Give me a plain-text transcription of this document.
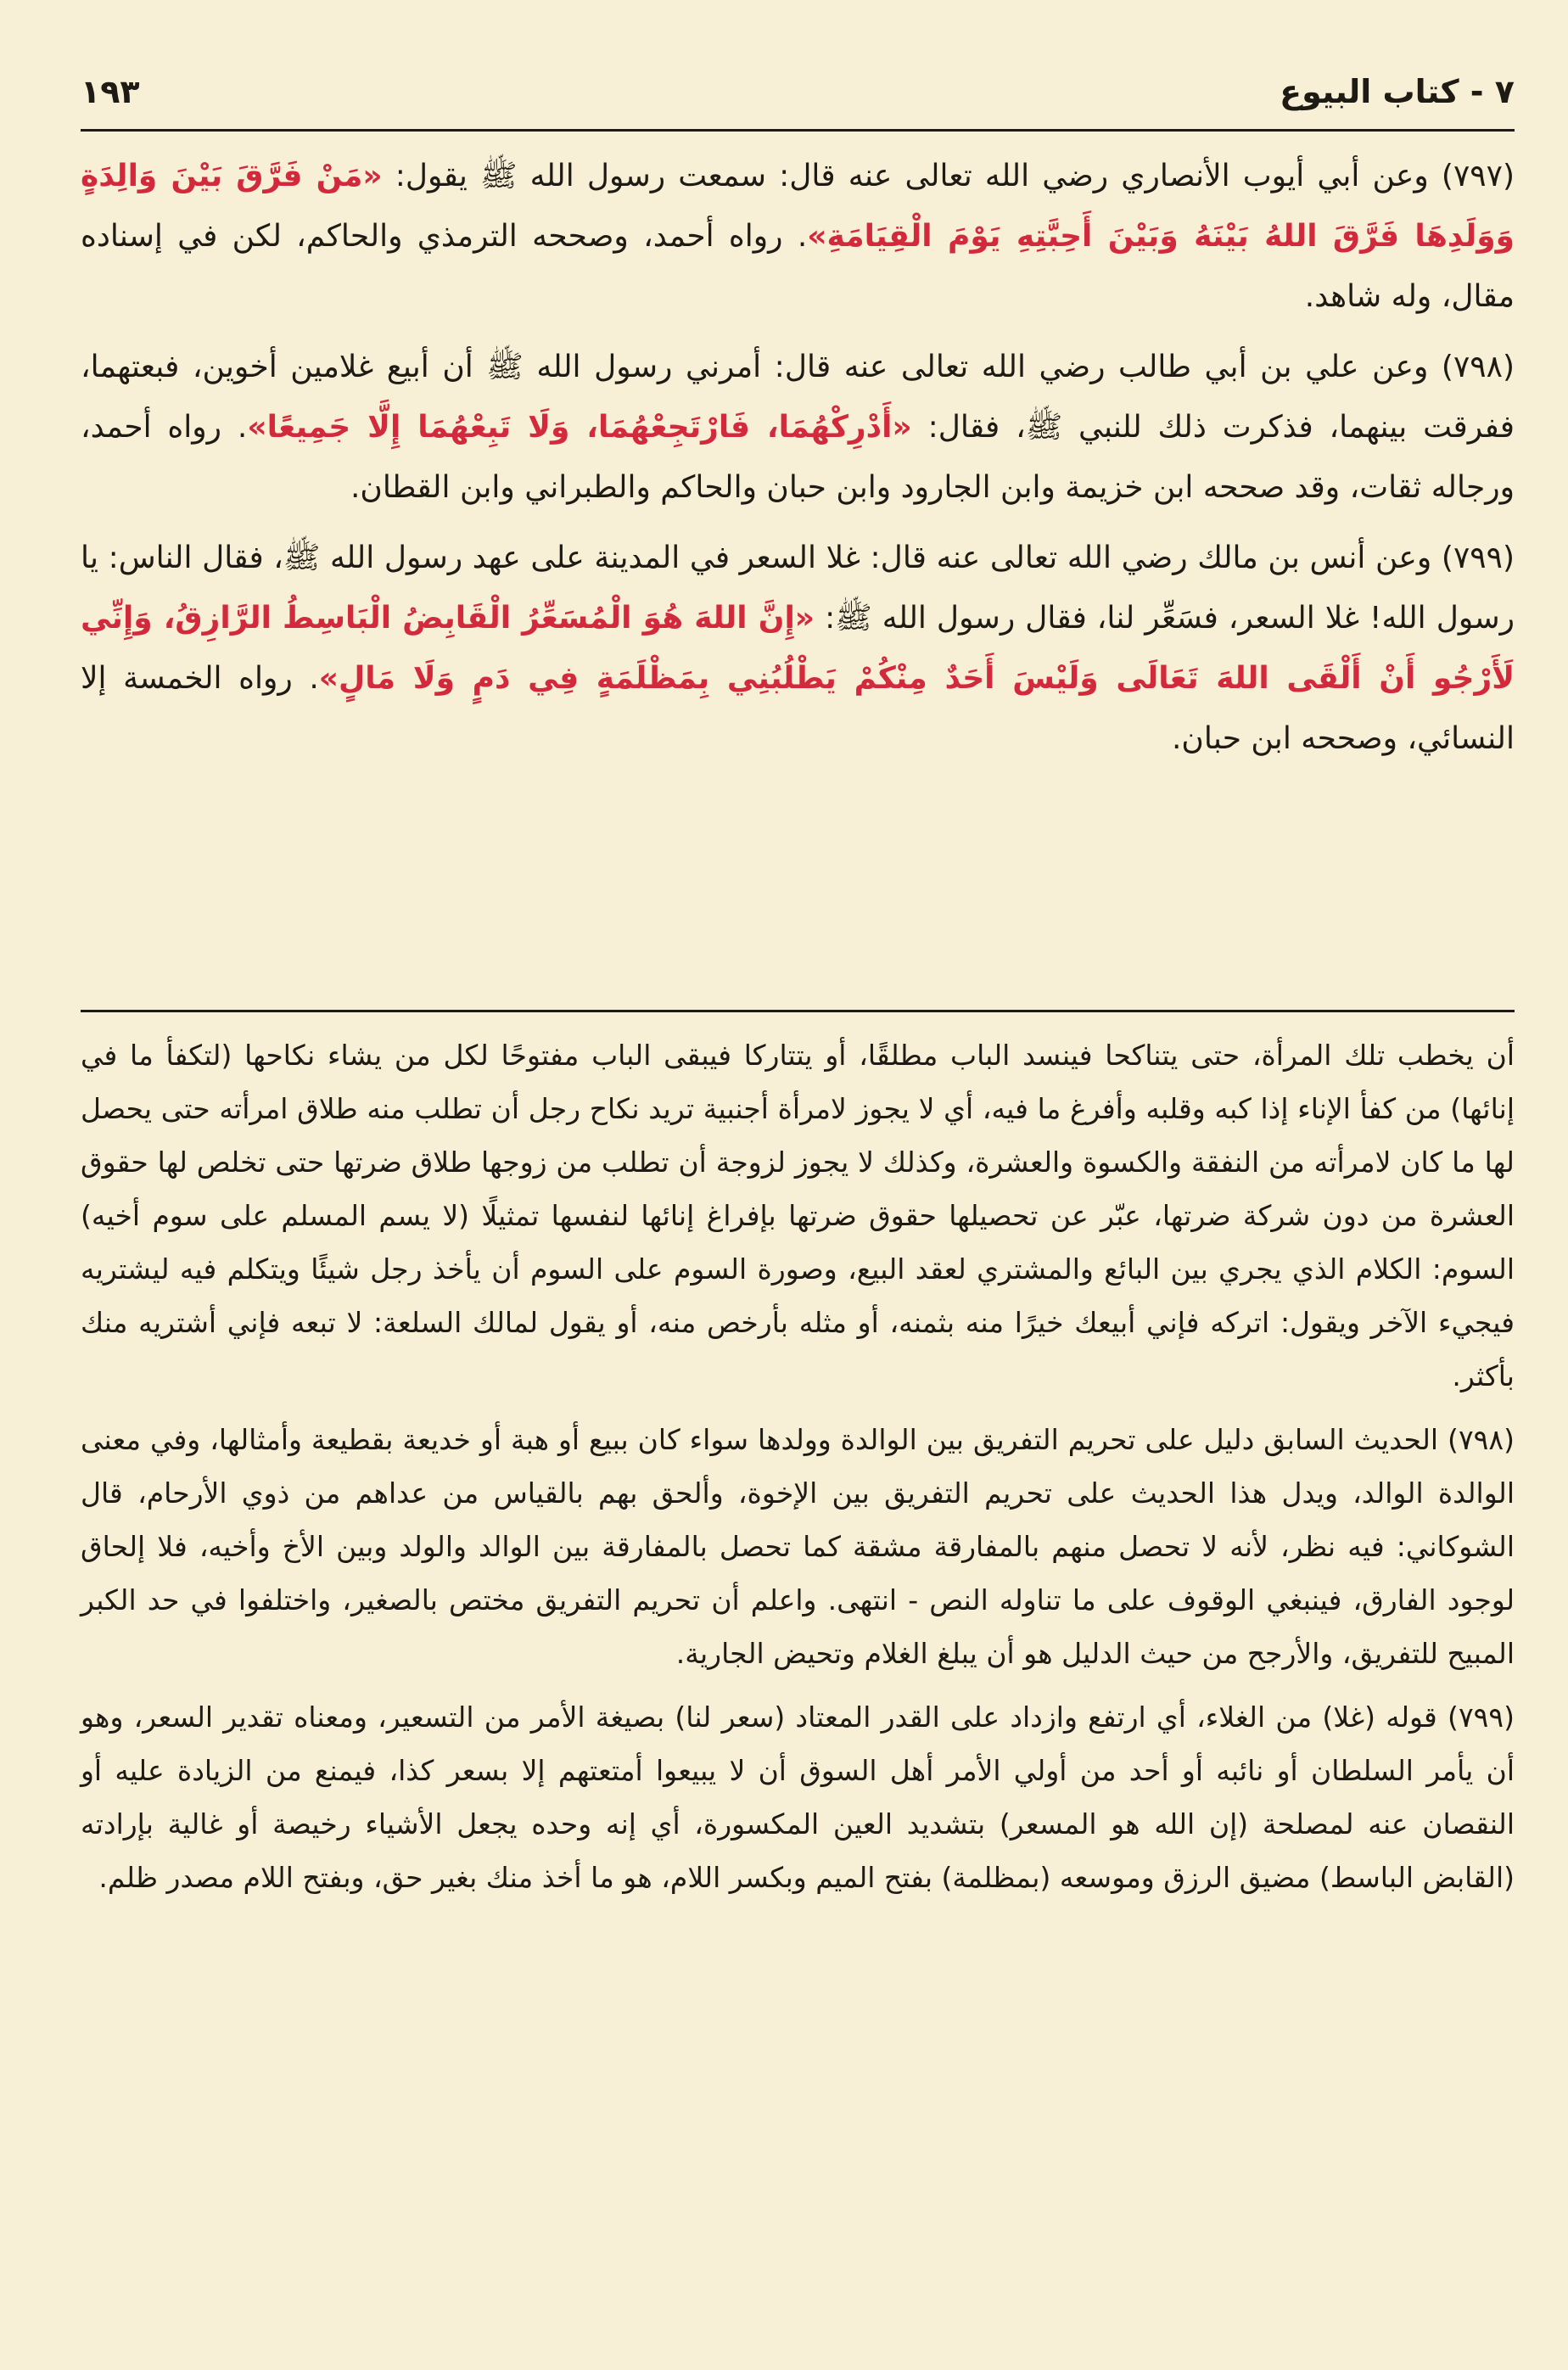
٧ - كتاب البيوع
١٩٣

(٧٩٧) وعن أبي أيوب الأنصاري رضي الله تعالى عنه قال: سمعت رسول الله ﷺ يقول: «مَنْ فَرَّقَ بَيْنَ وَالِدَةٍ وَوَلَدِهَا فَرَّقَ اللهُ بَيْنَهُ وَبَيْنَ أَحِبَّتِهِ يَوْمَ الْقِيَامَةِ». رواه أحمد، وصححه الترمذي والحاكم، لكن في إسناده مقال، وله شاهد.

(٧٩٨) وعن علي بن أبي طالب رضي الله تعالى عنه قال: أمرني رسول الله ﷺ أن أبيع غلامين أخوين، فبعتهما، ففرقت بينهما، فذكرت ذلك للنبي ﷺ، فقال: «أَدْرِكْهُمَا، فَارْتَجِعْهُمَا، وَلَا تَبِعْهُمَا إِلَّا جَمِيعًا». رواه أحمد، ورجاله ثقات، وقد صححه ابن خزيمة وابن الجارود وابن حبان والحاكم والطبراني وابن القطان.

(٧٩٩) وعن أنس بن مالك رضي الله تعالى عنه قال: غلا السعر في المدينة على عهد رسول الله ﷺ، فقال الناس: يا رسول الله! غلا السعر، فسَعِّر لنا، فقال رسول الله ﷺ: «إِنَّ اللهَ هُوَ الْمُسَعِّرُ الْقَابِضُ الْبَاسِطُ الرَّازِقُ، وَإِنِّي لَأَرْجُو أَنْ أَلْقَى اللهَ تَعَالَى وَلَيْسَ أَحَدٌ مِنْكُمْ يَطْلُبُنِي بِمَظْلَمَةٍ فِي دَمٍ وَلَا مَالٍ». رواه الخمسة إلا النسائي، وصححه ابن حبان.

أن يخطب تلك المرأة، حتى يتناكحا فينسد الباب مطلقًا، أو يتتاركا فيبقى الباب مفتوحًا لكل من يشاء نكاحها (لتكفأ ما في إنائها) من كفأ الإناء إذا كبه وقلبه وأفرغ ما فيه، أي لا يجوز لامرأة أجنبية تريد نكاح رجل أن تطلب منه طلاق امرأته حتى يحصل لها ما كان لامرأته من النفقة والكسوة والعشرة، وكذلك لا يجوز لزوجة أن تطلب من زوجها طلاق ضرتها حتى تخلص لها حقوق العشرة من دون شركة ضرتها، عبّر عن تحصيلها حقوق ضرتها بإفراغ إنائها لنفسها تمثيلًا (لا يسم المسلم على سوم أخيه) السوم: الكلام الذي يجري بين البائع والمشتري لعقد البيع، وصورة السوم على السوم أن يأخذ رجل شيئًا ويتكلم فيه ليشتريه فيجيء الآخر ويقول: اتركه فإني أبيعك خيرًا منه بثمنه، أو مثله بأرخص منه، أو يقول لمالك السلعة: لا تبعه فإني أشتريه منك بأكثر.

(٧٩٨) الحديث السابق دليل على تحريم التفريق بين الوالدة وولدها سواء كان ببيع أو هبة أو خديعة بقطيعة وأمثالها، وفي معنى الوالدة الوالد، ويدل هذا الحديث على تحريم التفريق بين الإخوة، وألحق بهم بالقياس من عداهم من ذوي الأرحام، قال الشوكاني: فيه نظر، لأنه لا تحصل منهم بالمفارقة مشقة كما تحصل بالمفارقة بين الوالد والولد وبين الأخ وأخيه، فلا إلحاق لوجود الفارق، فينبغي الوقوف على ما تناوله النص - انتهى. واعلم أن تحريم التفريق مختص بالصغير، واختلفوا في حد الكبر المبيح للتفريق، والأرجح من حيث الدليل هو أن يبلغ الغلام وتحيض الجارية.

(٧٩٩) قوله (غلا) من الغلاء، أي ارتفع وازداد على القدر المعتاد (سعر لنا) بصيغة الأمر من التسعير، ومعناه تقدير السعر، وهو أن يأمر السلطان أو نائبه أو أحد من أولي الأمر أهل السوق أن لا يبيعوا أمتعتهم إلا بسعر كذا، فيمنع من الزيادة عليه أو النقصان عنه لمصلحة (إن الله هو المسعر) بتشديد العين المكسورة، أي إنه وحده يجعل الأشياء رخيصة أو غالية بإرادته (القابض الباسط) مضيق الرزق وموسعه (بمظلمة) بفتح الميم وبكسر اللام، هو ما أخذ منك بغير حق، وبفتح اللام مصدر ظلم.
